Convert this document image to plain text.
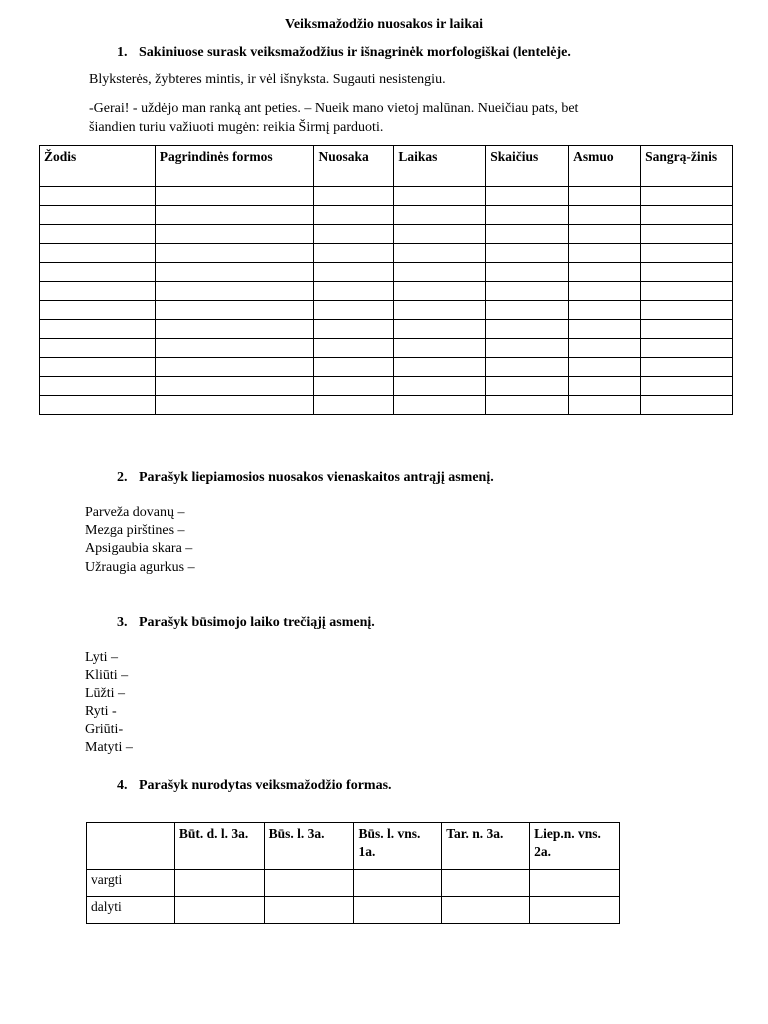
Veiksmažodžio nuosakos ir laikai
1. Sakiniuose surask veiksmažodžius ir išnagrinėk morfologiškai (lentelėje.
Blyksterės, žybteres mintis, ir vėl išnyksta. Sugauti nesistengiu.
-Gerai! - uždėjo man ranką ant peties. – Nueik mano vietoj malūnan. Nueičiau pats, bet
šiandien turiu važiuoti mugėn: reikia Širmį parduoti.
Žodis	Pagrindinės formos	Nuosaka	Laikas	Skaičius	Asmuo	Sangrą-žinis

2. Parašyk liepiamosios nuosakos vienaskaitos antrąjį asmenį.
Parveža dovanų –
Mezga pirštines –
Apsigaubia skara –
Užraugia agurkus –
3. Parašyk būsimojo laiko trečiąjį asmenį.
Lyti –
Kliūti –
Lūžti –
Ryti -
Griūti-
Matyti –
4. Parašyk nurodytas veiksmažodžio formas.
	Būt. d. l. 3a.	Būs. l. 3a.	Būs. l. vns. 1a.	Tar. n. 3a.	Liep.n. vns. 2a.
vargti					
dalyti					
